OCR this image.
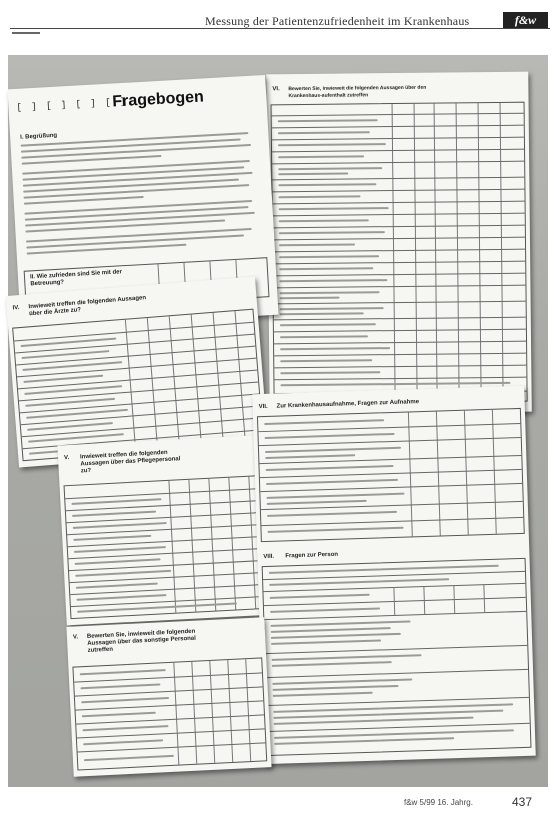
Messung der Patientenzufriedenheit im Krankenhaus	f&w
VI. Bewerten Sie, inwieweit die folgenden Aussagen über den Krankenhaus-aufenthalt zutreffen
[ ] [ ] [ ] [ ]
Fragebogen
I. Begrüßung
II. Wie zufrieden sind Sie mit der Betreuung?
IV. Inwieweit treffen die folgenden Aussagen über die Ärzte zu?
V. Inwieweit treffen die folgenden Aussagen über das Pflegepersonal zu?
VII. Zur Krankenhausaufnahme, Fragen zur Aufnahme
VIII. Fragen zur Person
V. Bewerten Sie, inwieweit die folgenden Aussagen über das sonstige Personal zutreffen
f&w 5/99 16. Jahrg.	437
